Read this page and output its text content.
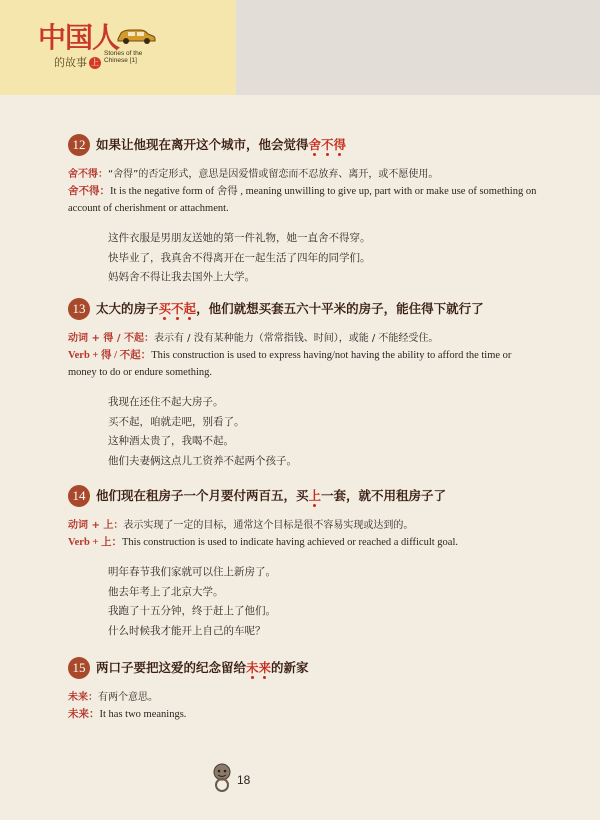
中国人
的故事 上
Stories of the
Chinese [1]
12 如果让他现在离开这个城市，他会觉得舍
不
得
舍不得：“舍得”的否定形式，意思是因爱惜或留恋而不忍放弃、离开，或不愿使用。
舍不得：It is the negative form of 舍得 , meaning unwilling to give up, part with or make use of something on account of cherishment or attachment.
这件衣服是男朋友送她的第一件礼物，她一直舍不得穿。
快毕业了，我真舍不得离开在一起生活了四年的同学们。
妈妈舍不得让我去国外上大学。
13 太大的房子买
不
起
，他们就想买套五六十平米的房子，能住得下就行了
动词 + 得 / 不起：表示有 / 没有某种能力（常常指钱、时间），或能 / 不能经受住。
Verb + 得 / 不起：This construction is used to express having/not having the ability to afford the time or money to do or endure something.
我现在还住不起大房子。
买不起，咱就走吧，别看了。
这种酒太贵了，我喝不起。
他们夫妻俩这点儿工资养不起两个孩子。
14 他们现在租房子一个月要付两百五，买上
一套，就不用租房子了
动词 + 上：表示实现了一定的目标，通常这个目标是很不容易实现或达到的。
Verb + 上：This construction is used to indicate having achieved or reached a difficult goal.
明年春节我们家就可以住上新房了。
他去年考上了北京大学。
我跑了十五分钟，终于赶上了他们。
什么时候我才能开上自己的车呢？
15 两口子要把这爱的纪念留给未
来
的新家
未来：有两个意思。
未来：It has two meanings.
18
